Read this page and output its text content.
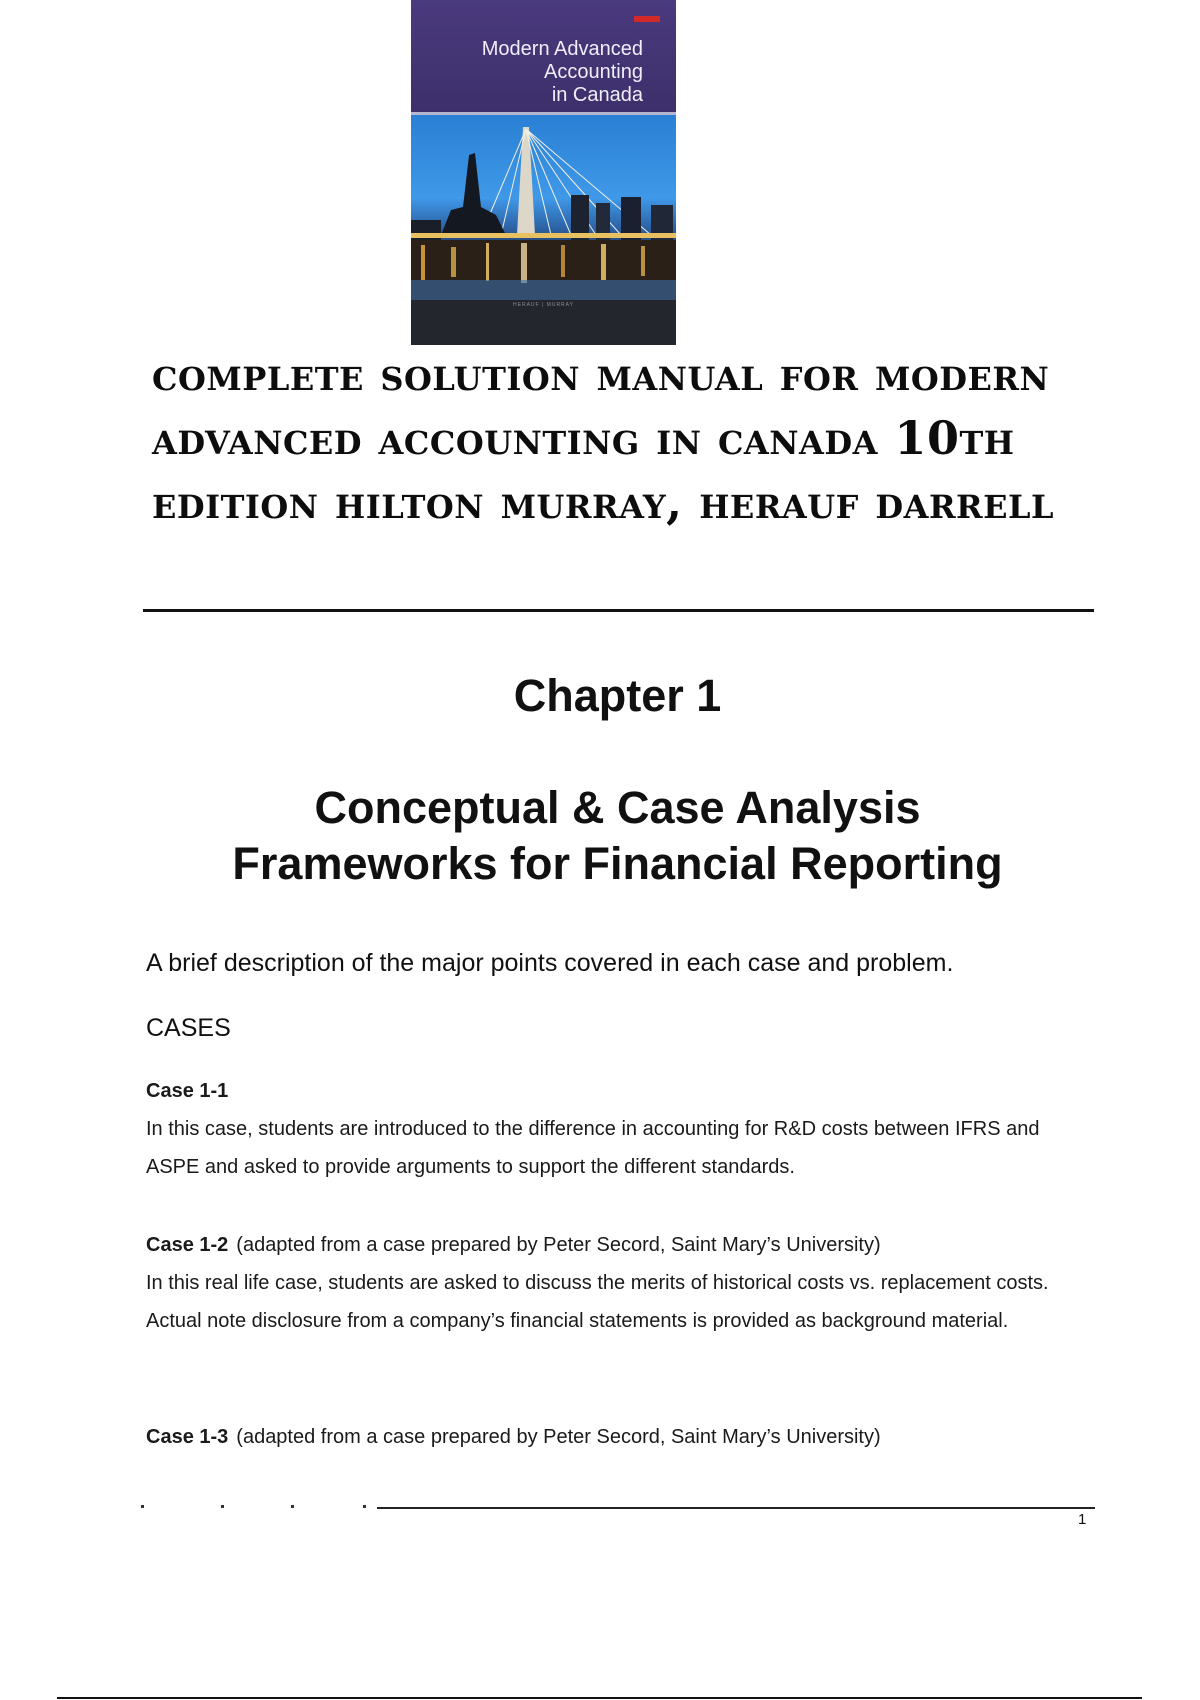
Modern Advanced
Accounting
in Canada
HERAUF | MURRAY
complete solution manual for modern advanced accounting in canada 10th edition hilton murray, herauf darrell
Chapter 1
Conceptual & Case Analysis
Frameworks for Financial Reporting
A brief description of the major points covered in each case and problem.
CASES
Case 1-1

In this case, students are introduced to the difference in accounting for R&D costs between IFRS and ASPE and asked to provide arguments to support the different standards.

Case 1-2 (adapted from a case prepared by Peter Secord, Saint Mary’s University)

In this real life case, students are asked to discuss the merits of historical costs vs. replacement costs. Actual note disclosure from a company’s financial statements is provided as background material.

Case 1-3 (adapted from a case prepared by Peter Secord, Saint Mary’s University)
1
